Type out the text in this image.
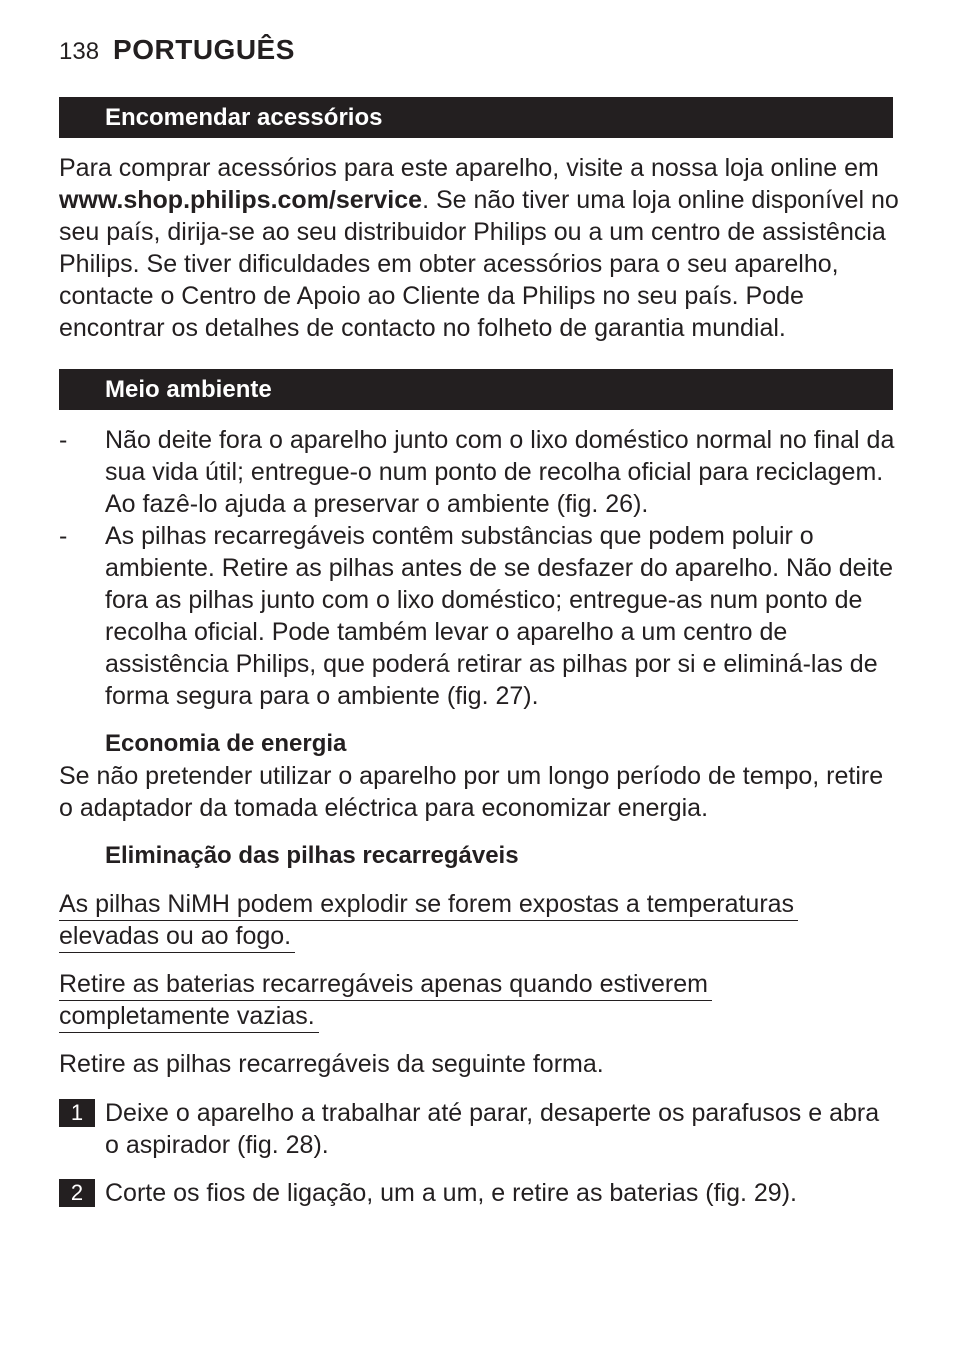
138 PORTUGUÊS
Encomendar acessórios

Para comprar acessórios para este aparelho, visite a nossa loja online em www.shop.philips.com/service. Se não tiver uma loja online disponível no seu país, dirija-se ao seu distribuidor Philips ou a um centro de assistência Philips. Se tiver dificuldades em obter acessórios para o seu aparelho, contacte o Centro de Apoio ao Cliente da Philips no seu país. Pode encontrar os detalhes de contacto no folheto de garantia mundial.

Meio ambiente
- Não deite fora o aparelho junto com o lixo doméstico normal no final da sua vida útil; entregue-o num ponto de recolha oficial para reciclagem. Ao fazê-lo ajuda a preservar o ambiente (fig. 26).
- As pilhas recarregáveis contêm substâncias que podem poluir o ambiente. Retire as pilhas antes de se desfazer do aparelho. Não deite fora as pilhas junto com o lixo doméstico; entregue-as num ponto de recolha oficial. Pode também levar o aparelho a um centro de assistência Philips, que poderá retirar as pilhas por si e eliminá-las de forma segura para o ambiente (fig. 27).
Economia de energia

Se não pretender utilizar o aparelho por um longo período de tempo, retire o adaptador da tomada eléctrica para economizar energia.

Eliminação das pilhas recarregáveis

As pilhas NiMH podem explodir se forem expostas a temperaturas
elevadas ou ao fogo.

Retire as baterias recarregáveis apenas quando estiverem
completamente vazias.

Retire as pilhas recarregáveis da seguinte forma.

1 Deixe o aparelho a trabalhar até parar, desaperte os parafusos e abra o aspirador (fig. 28).
2 Corte os fios de ligação, um a um, e retire as baterias (fig. 29).
